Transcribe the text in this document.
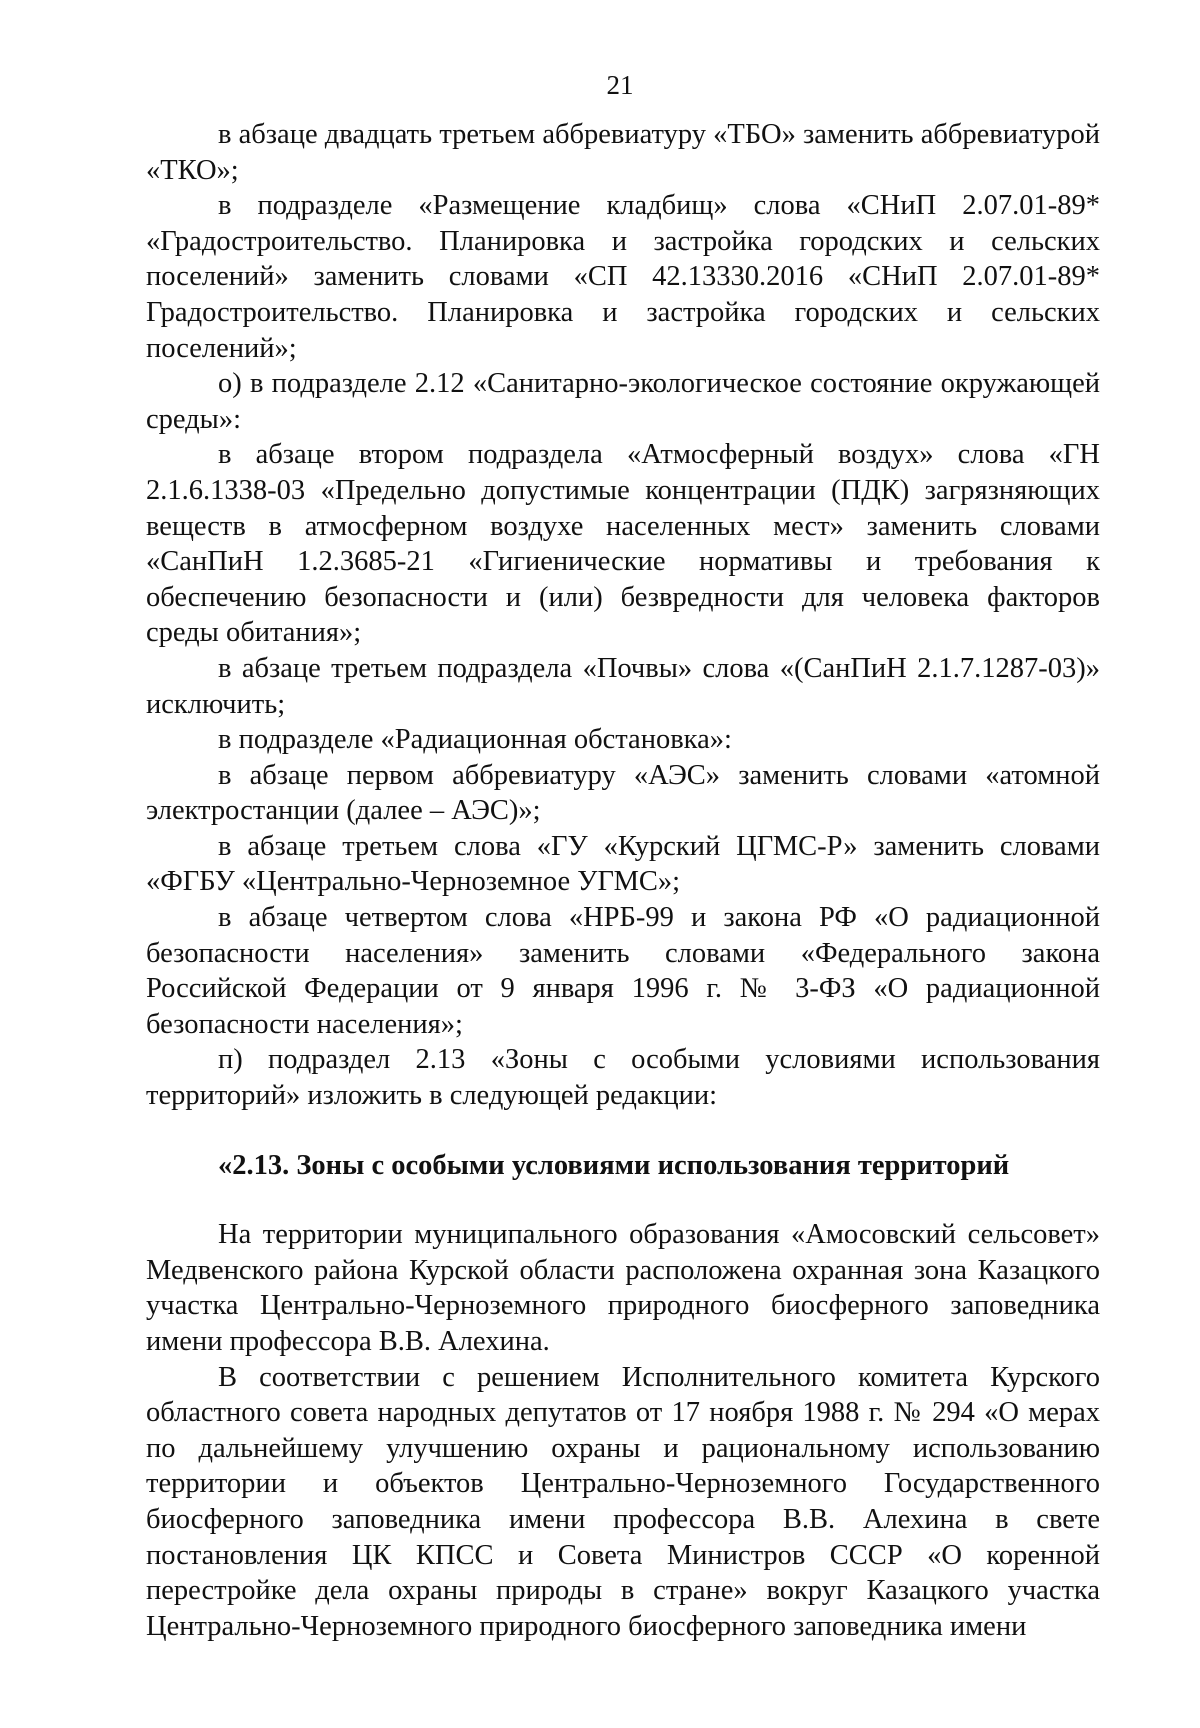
21

в абзаце двадцать третьем аббревиатуру «ТБО» заменить аббревиатурой «ТКО»;

в подразделе «Размещение кладбищ» слова «СНиП 2.07.01-89* «Градостроительство. Планировка и застройка городских и сельских поселений» заменить словами «СП 42.13330.2016 «СНиП 2.07.01-89* Градостроительство. Планировка и застройка городских и сельских поселений»;

о) в подразделе 2.12 «Санитарно-экологическое состояние окружающей среды»:

в абзаце втором подраздела «Атмосферный воздух» слова «ГН 2.1.6.1338-03 «Предельно допустимые концентрации (ПДК) загрязняющих веществ в атмосферном воздухе населенных мест» заменить словами «СанПиН 1.2.3685-21 «Гигиенические нормативы и требования к обеспечению безопасности и (или) безвредности для человека факторов среды обитания»;

в абзаце третьем подраздела «Почвы» слова «(СанПиН 2.1.7.1287-03)» исключить;

в подразделе «Радиационная обстановка»:

в абзаце первом аббревиатуру «АЭС» заменить словами «атомной электростанции (далее – АЭС)»;

в абзаце третьем слова «ГУ «Курский ЦГМС-Р» заменить словами «ФГБУ «Центрально-Черноземное УГМС»;

в абзаце четвертом слова «НРБ-99 и закона РФ «О радиационной безопасности населения» заменить словами «Федерального закона Российской Федерации от 9 января 1996 г. № 3-ФЗ «О радиационной безопасности населения»;

п) подраздел 2.13 «Зоны с особыми условиями использования территорий» изложить в следующей редакции:

«2.13. Зоны с особыми условиями использования территорий

На территории муниципального образования «Амосовский сельсовет» Медвенского района Курской области расположена охранная зона Казацкого участка Центрально-Черноземного природного биосферного заповедника имени профессора В.В. Алехина.

В соответствии с решением Исполнительного комитета Курского областного совета народных депутатов от 17 ноября 1988 г. № 294 «О мерах по дальнейшему улучшению охраны и рациональному использованию территории и объектов Центрально-Черноземного Государственного биосферного заповедника имени профессора В.В. Алехина в свете постановления ЦК КПСС и Совета Министров СССР «О коренной перестройке дела охраны природы в стране» вокруг Казацкого участка Центрально-Черноземного природного биосферного заповедника имени
